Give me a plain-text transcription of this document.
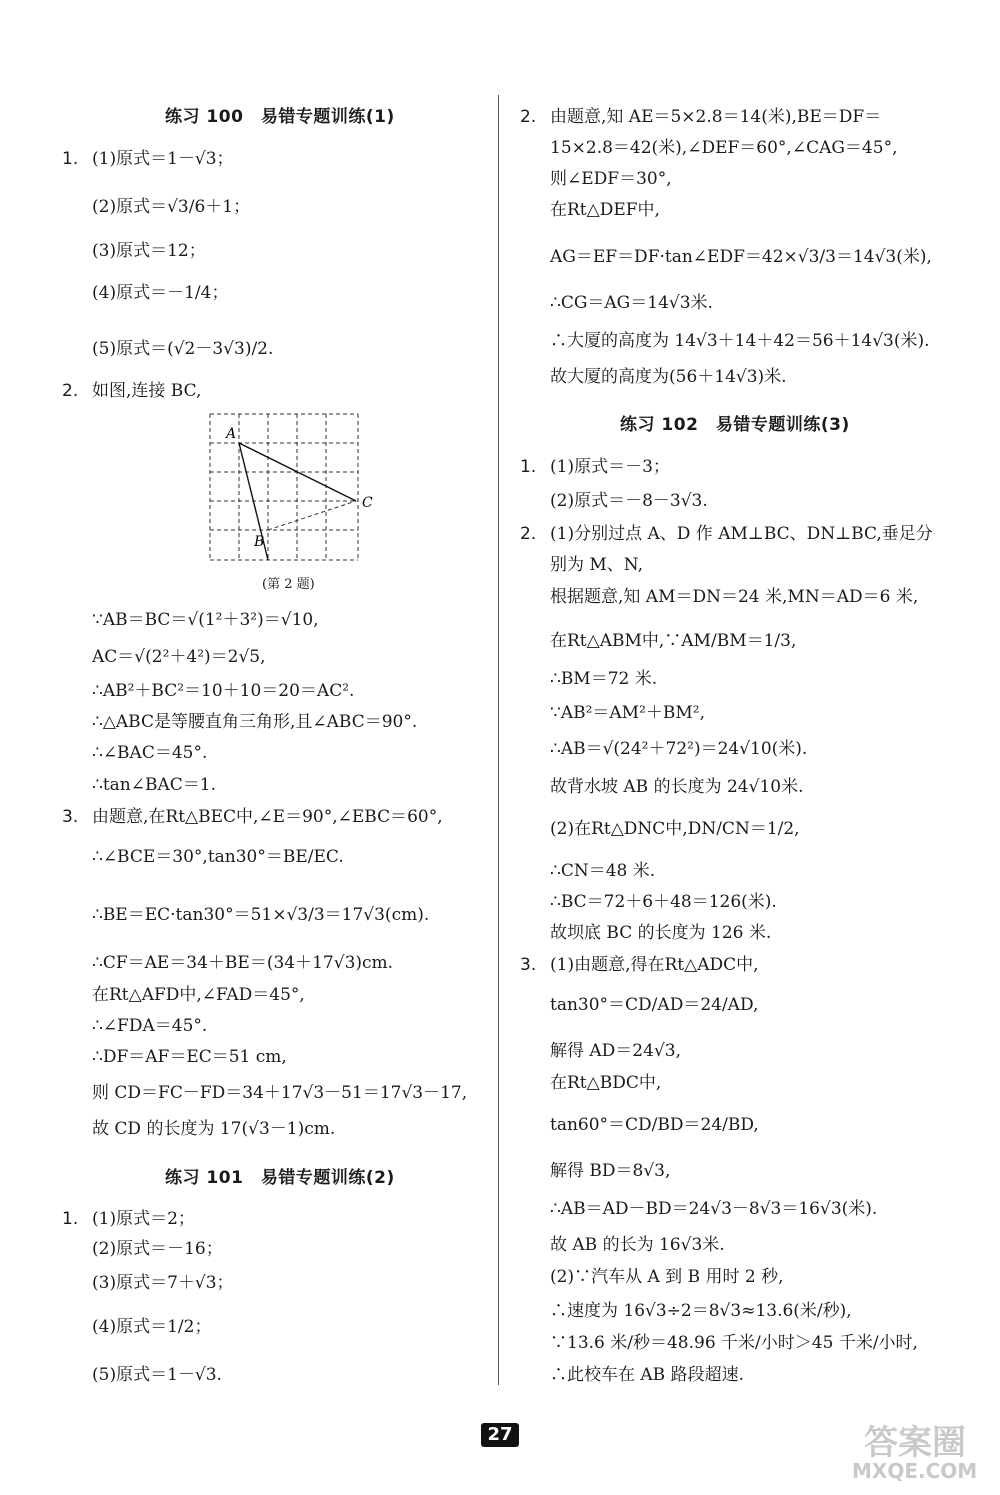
练习 100　易错专题训练(1)
1. (1)原式＝1－√3；
(2)原式＝√3/6＋1；
(3)原式＝12；
(4)原式＝－1/4；
(5)原式＝(√2－3√3)/2.
2. 如图,连接 BC,
A
B
C
(第 2 题)
∵AB＝BC＝√(1²＋3²)＝√10,
AC＝√(2²＋4²)＝2√5,
∴AB²＋BC²＝10＋10＝20＝AC².
∴△ABC是等腰直角三角形,且∠ABC＝90°.
∴∠BAC＝45°.
∴tan∠BAC＝1.
3. 由题意,在Rt△BEC中,∠E＝90°,∠EBC＝60°,
∴∠BCE＝30°,tan30°＝BE/EC.
∴BE＝EC·tan30°＝51×√3/3＝17√3(cm).
∴CF＝AE＝34＋BE＝(34＋17√3)cm.
在Rt△AFD中,∠FAD＝45°,
∴∠FDA＝45°.
∴DF＝AF＝EC＝51 cm,
则 CD＝FC－FD＝34＋17√3－51＝17√3－17,
故 CD 的长度为 17(√3－1)cm.
练习 101　易错专题训练(2)
1. (1)原式＝2；
(2)原式＝－16；
(3)原式＝7＋√3；
(4)原式＝1/2；
(5)原式＝1－√3.
2. 由题意,知 AE＝5×2.8＝14(米),BE＝DF＝
15×2.8＝42(米),∠DEF＝60°,∠CAG＝45°,
则∠EDF＝30°,
在Rt△DEF中,
AG＝EF＝DF·tan∠EDF＝42×√3/3＝14√3(米),
∴CG＝AG＝14√3米.
∴大厦的高度为 14√3＋14＋42＝56＋14√3(米).
故大厦的高度为(56＋14√3)米.
练习 102　易错专题训练(3)
1. (1)原式＝－3；
(2)原式＝－8－3√3.
2. (1)分别过点 A、D 作 AM⊥BC、DN⊥BC,垂足分
别为 M、N,
根据题意,知 AM＝DN＝24 米,MN＝AD＝6 米,
在Rt△ABM中,∵AM/BM＝1/3,
∴BM＝72 米.
∵AB²＝AM²＋BM²,
∴AB＝√(24²＋72²)＝24√10(米).
故背水坡 AB 的长度为 24√10米.
(2)在Rt△DNC中,DN/CN＝1/2,
∴CN＝48 米.
∴BC＝72＋6＋48＝126(米).
故坝底 BC 的长度为 126 米.
3. (1)由题意,得在Rt△ADC中,
tan30°＝CD/AD＝24/AD,
解得 AD＝24√3,
在Rt△BDC中,
tan60°＝CD/BD＝24/BD,
解得 BD＝8√3,
∴AB＝AD－BD＝24√3－8√3＝16√3(米).
故 AB 的长为 16√3米.
(2)∵汽车从 A 到 B 用时 2 秒,
∴速度为 16√3÷2＝8√3≈13.6(米/秒),
∵13.6 米/秒＝48.96 千米/小时＞45 千米/小时,
∴此校车在 AB 路段超速.
27	答案圈
MXQE.COM
